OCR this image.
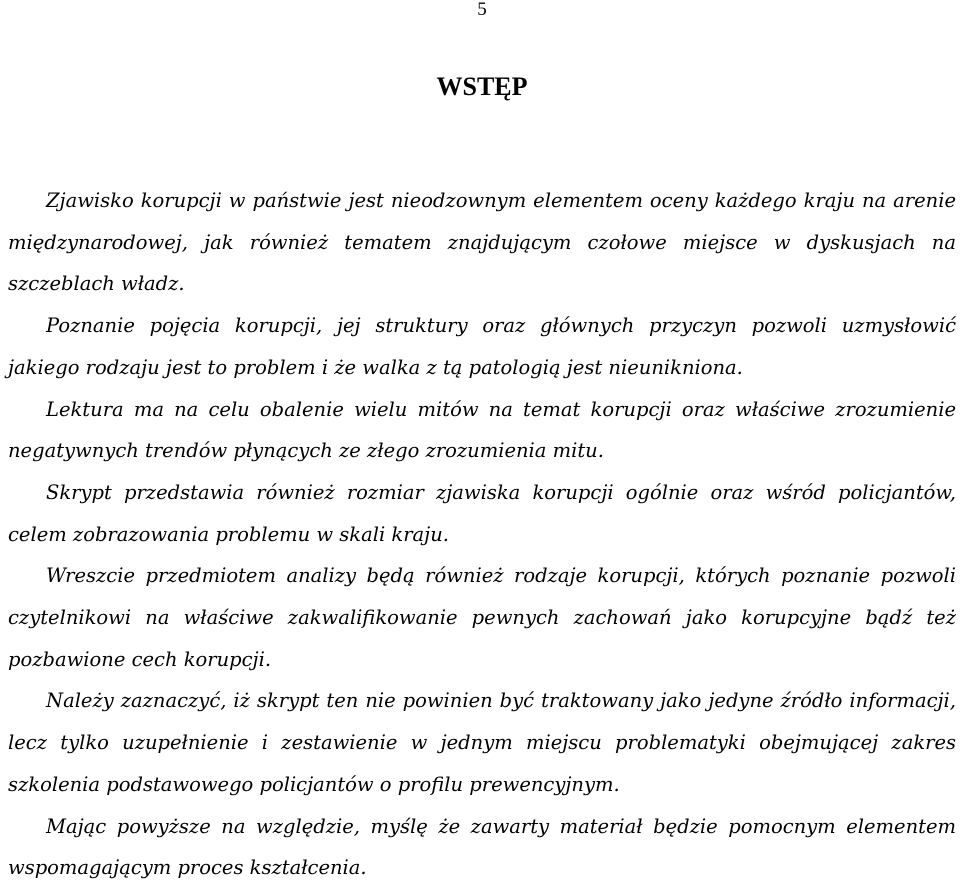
5
WSTĘP

Zjawisko korupcji w państwie jest nieodzownym elementem oceny każdego kraju na arenie międzynarodowej, jak również tematem znajdującym czołowe miejsce w dyskusjach na szczeblach władz.

Poznanie pojęcia korupcji, jej struktury oraz głównych przyczyn pozwoli uzmysłowić jakiego rodzaju jest to problem i że walka z tą patologią jest nieunikniona.

Lektura ma na celu obalenie wielu mitów na temat korupcji oraz właściwe zrozumienie negatywnych trendów płynących ze złego zrozumienia mitu.

Skrypt przedstawia również rozmiar zjawiska korupcji ogólnie oraz wśród policjantów, celem zobrazowania problemu w skali kraju.

Wreszcie przedmiotem analizy będą również rodzaje korupcji, których poznanie pozwoli czytelnikowi na właściwe zakwalifikowanie pewnych zachowań jako korupcyjne bądź też pozbawione cech korupcji.

Należy zaznaczyć, iż skrypt ten nie powinien być traktowany jako jedyne źródło informacji, lecz tylko uzupełnienie i zestawienie w jednym miejscu problematyki obejmującej zakres szkolenia podstawowego policjantów o profilu prewencyjnym.

Mając powyższe na względzie, myślę że zawarty materiał będzie pomocnym elementem wspomagającym proces kształcenia.
